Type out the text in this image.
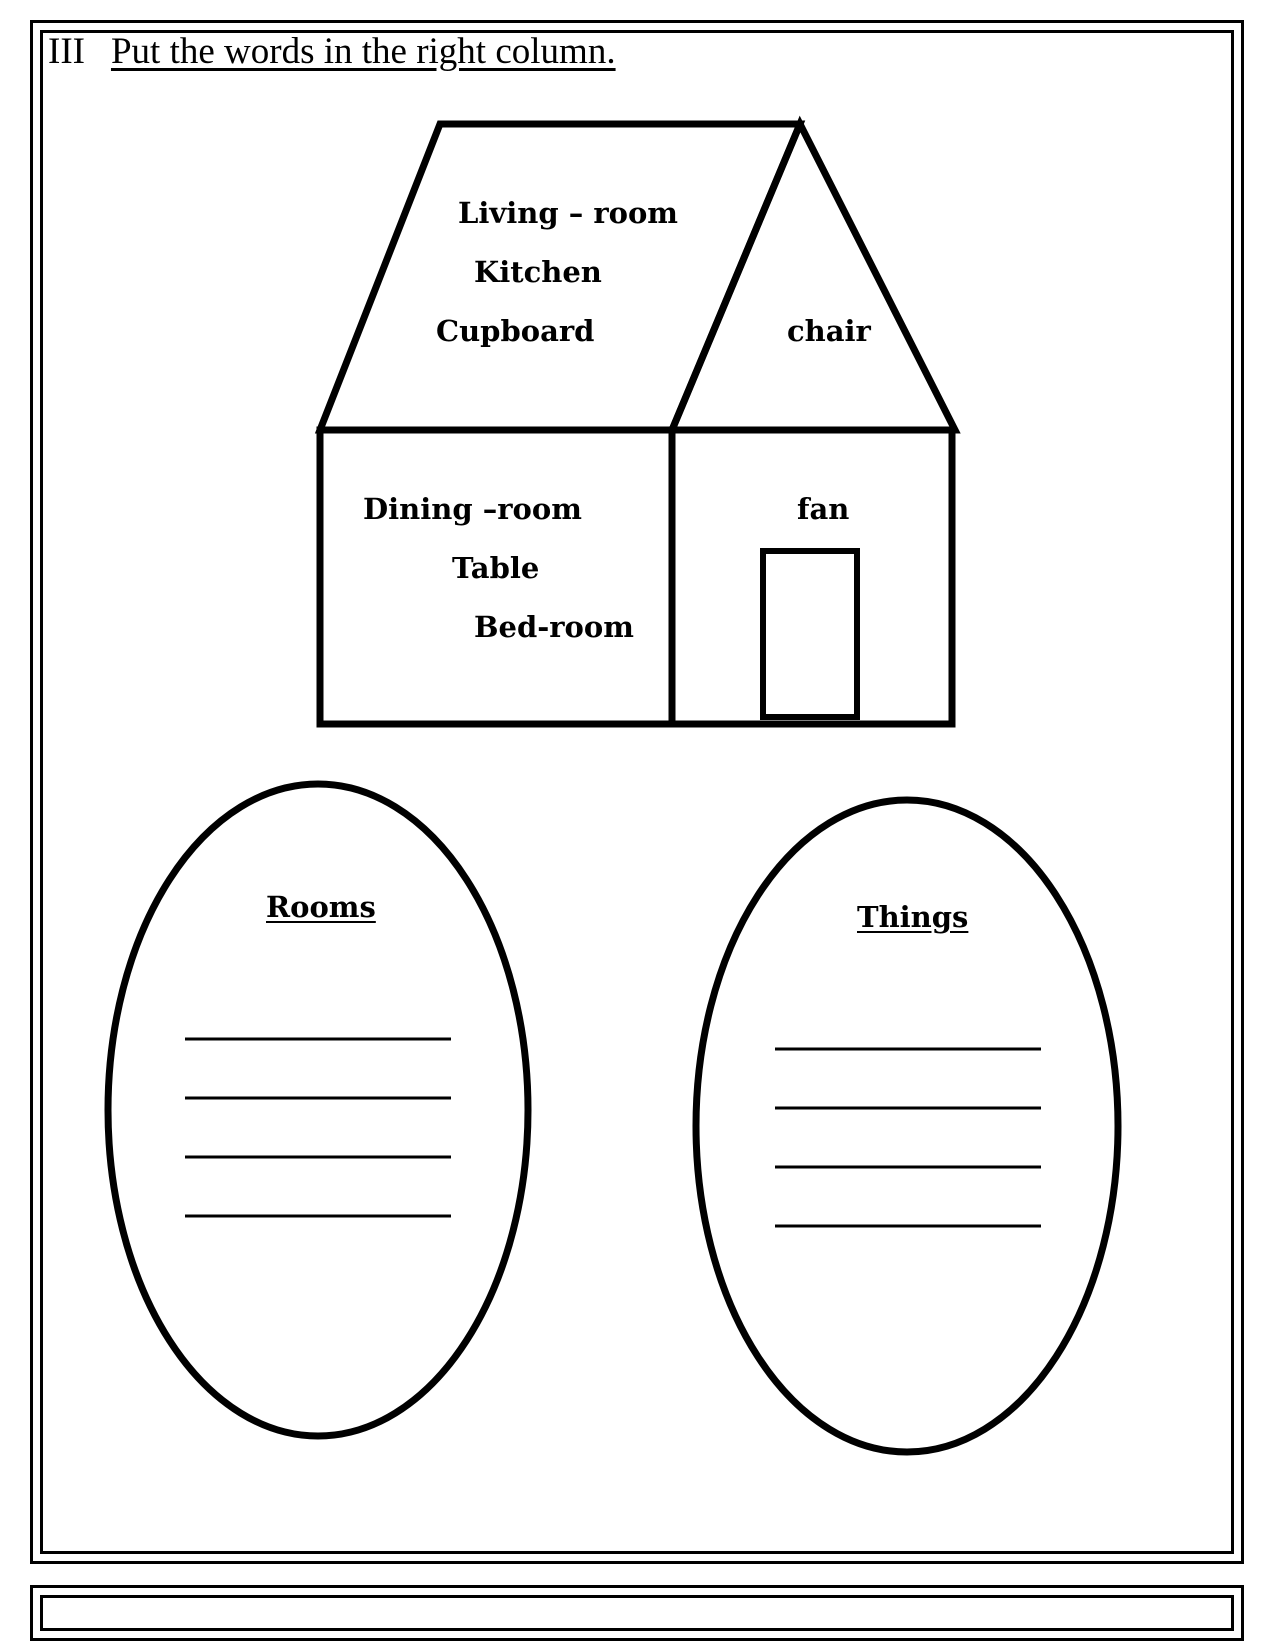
III Put the words in the right column.
Living – room
Kitchen
Cupboard	chair
Dining –room
Table
Bed-room
fan
Rooms	Things
